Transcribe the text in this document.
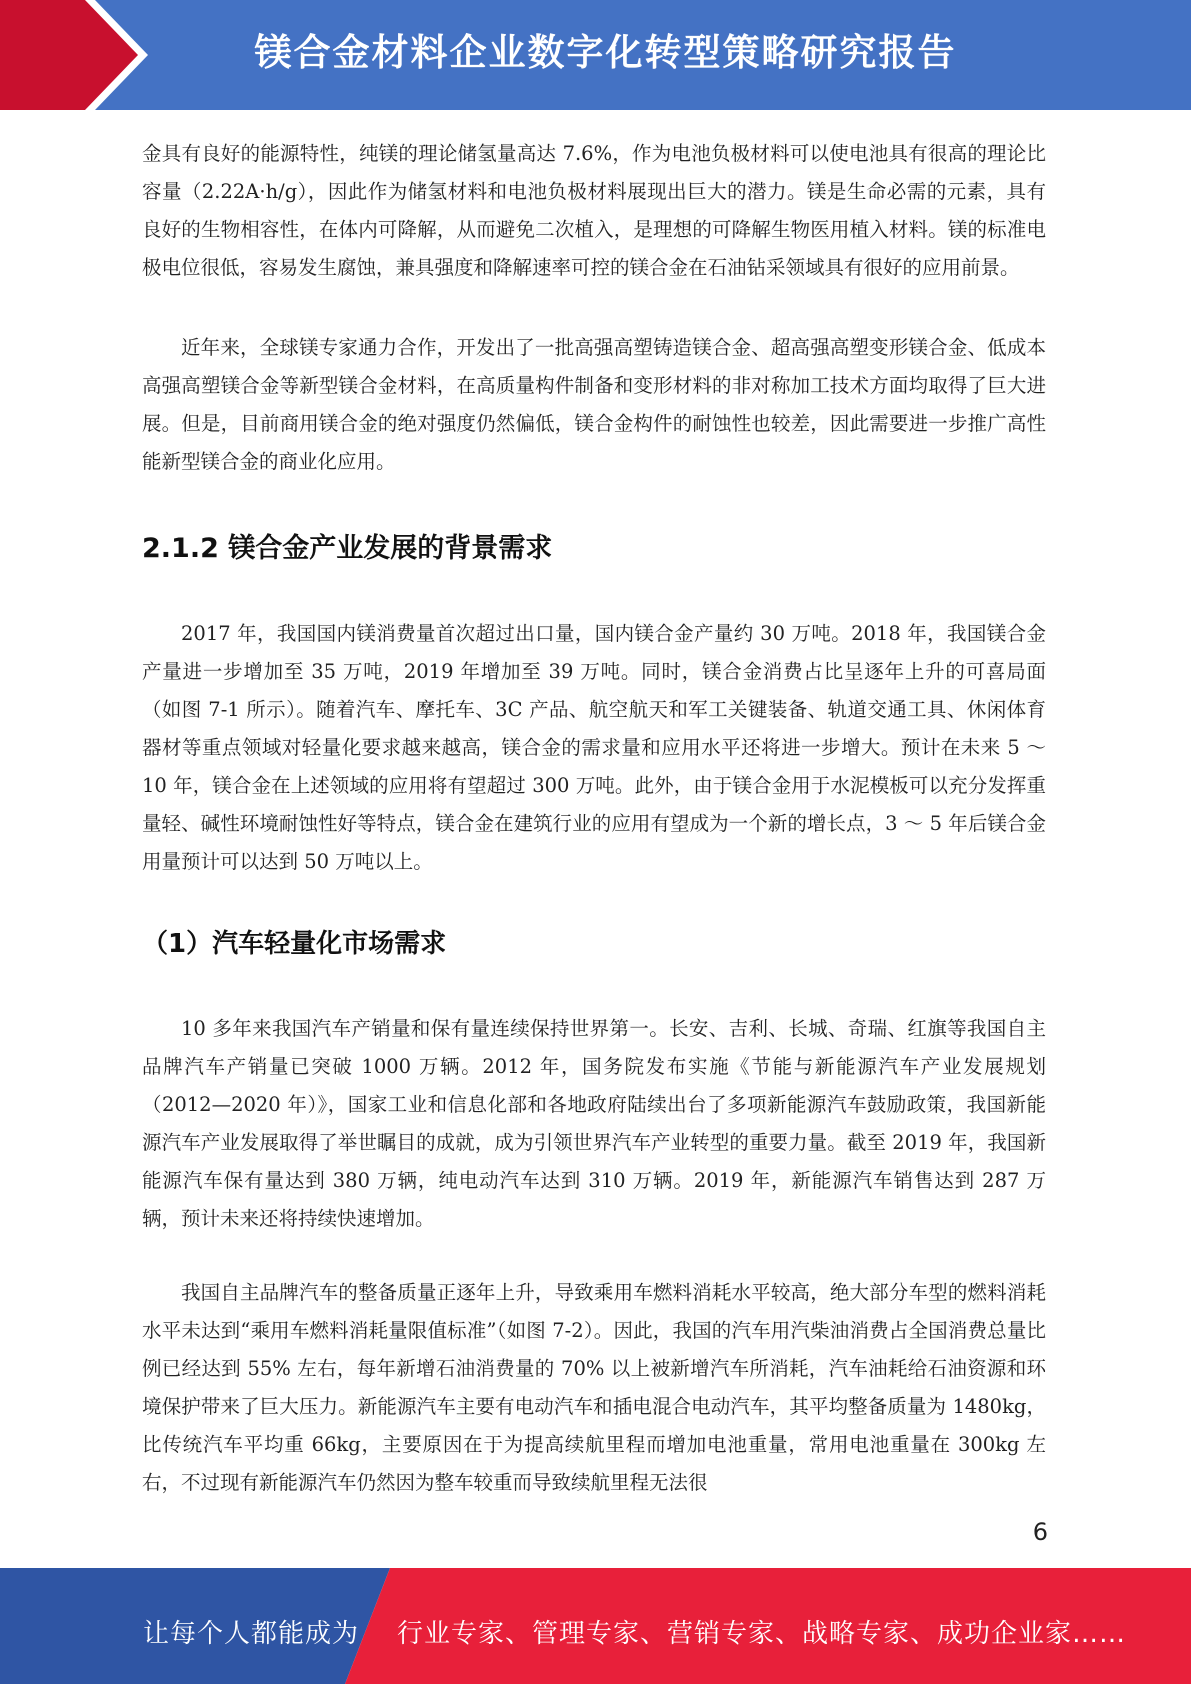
镁合金材料企业数字化转型策略研究报告

金具有良好的能源特性，纯镁的理论储氢量高达 7.6%，作为电池负极材料可以使电池具有很高的理论比容量（2.22A·h/g），因此作为储氢材料和电池负极材料展现出巨大的潜力。镁是生命必需的元素，具有良好的生物相容性，在体内可降解，从而避免二次植入，是理想的可降解生物医用植入材料。镁的标准电极电位很低，容易发生腐蚀，兼具强度和降解速率可控的镁合金在石油钻采领域具有很好的应用前景。

近年来，全球镁专家通力合作，开发出了一批高强高塑铸造镁合金、超高强高塑变形镁合金、低成本高强高塑镁合金等新型镁合金材料，在高质量构件制备和变形材料的非对称加工技术方面均取得了巨大进展。但是，目前商用镁合金的绝对强度仍然偏低，镁合金构件的耐蚀性也较差，因此需要进一步推广高性能新型镁合金的商业化应用。

2.1.2 镁合金产业发展的背景需求

2017 年，我国国内镁消费量首次超过出口量，国内镁合金产量约 30 万吨。2018 年，我国镁合金产量进一步增加至 35 万吨，2019 年增加至 39 万吨。同时，镁合金消费占比呈逐年上升的可喜局面（如图 7-1 所示）。随着汽车、摩托车、3C 产品、航空航天和军工关键装备、轨道交通工具、休闲体育器材等重点领域对轻量化要求越来越高，镁合金的需求量和应用水平还将进一步增大。预计在未来 5 ～ 10 年，镁合金在上述领域的应用将有望超过 300 万吨。此外，由于镁合金用于水泥模板可以充分发挥重量轻、碱性环境耐蚀性好等特点，镁合金在建筑行业的应用有望成为一个新的增长点，3 ～ 5 年后镁合金用量预计可以达到 50 万吨以上。

（1）汽车轻量化市场需求

10 多年来我国汽车产销量和保有量连续保持世界第一。长安、吉利、长城、奇瑞、红旗等我国自主品牌汽车产销量已突破 1000 万辆。2012 年，国务院发布实施《节能与新能源汽车产业发展规划（2012—2020 年）》，国家工业和信息化部和各地政府陆续出台了多项新能源汽车鼓励政策，我国新能源汽车产业发展取得了举世瞩目的成就，成为引领世界汽车产业转型的重要力量。截至 2019 年，我国新能源汽车保有量达到 380 万辆，纯电动汽车达到 310 万辆。2019 年，新能源汽车销售达到 287 万辆，预计未来还将持续快速增加。

我国自主品牌汽车的整备质量正逐年上升，导致乘用车燃料消耗水平较高，绝大部分车型的燃料消耗水平未达到“乘用车燃料消耗量限值标准”（如图 7-2）。因此，我国的汽车用汽柴油消费占全国消费总量比例已经达到 55% 左右，每年新增石油消费量的 70% 以上被新增汽车所消耗，汽车油耗给石油资源和环境保护带来了巨大压力。新能源汽车主要有电动汽车和插电混合电动汽车，其平均整备质量为 1480kg，比传统汽车平均重 66kg，主要原因在于为提高续航里程而增加电池重量，常用电池重量在 300kg 左右，不过现有新能源汽车仍然因为整车较重而导致续航里程无法很

6
让每个人都能成为 行业专家、管理专家、营销专家、战略专家、成功企业家……
